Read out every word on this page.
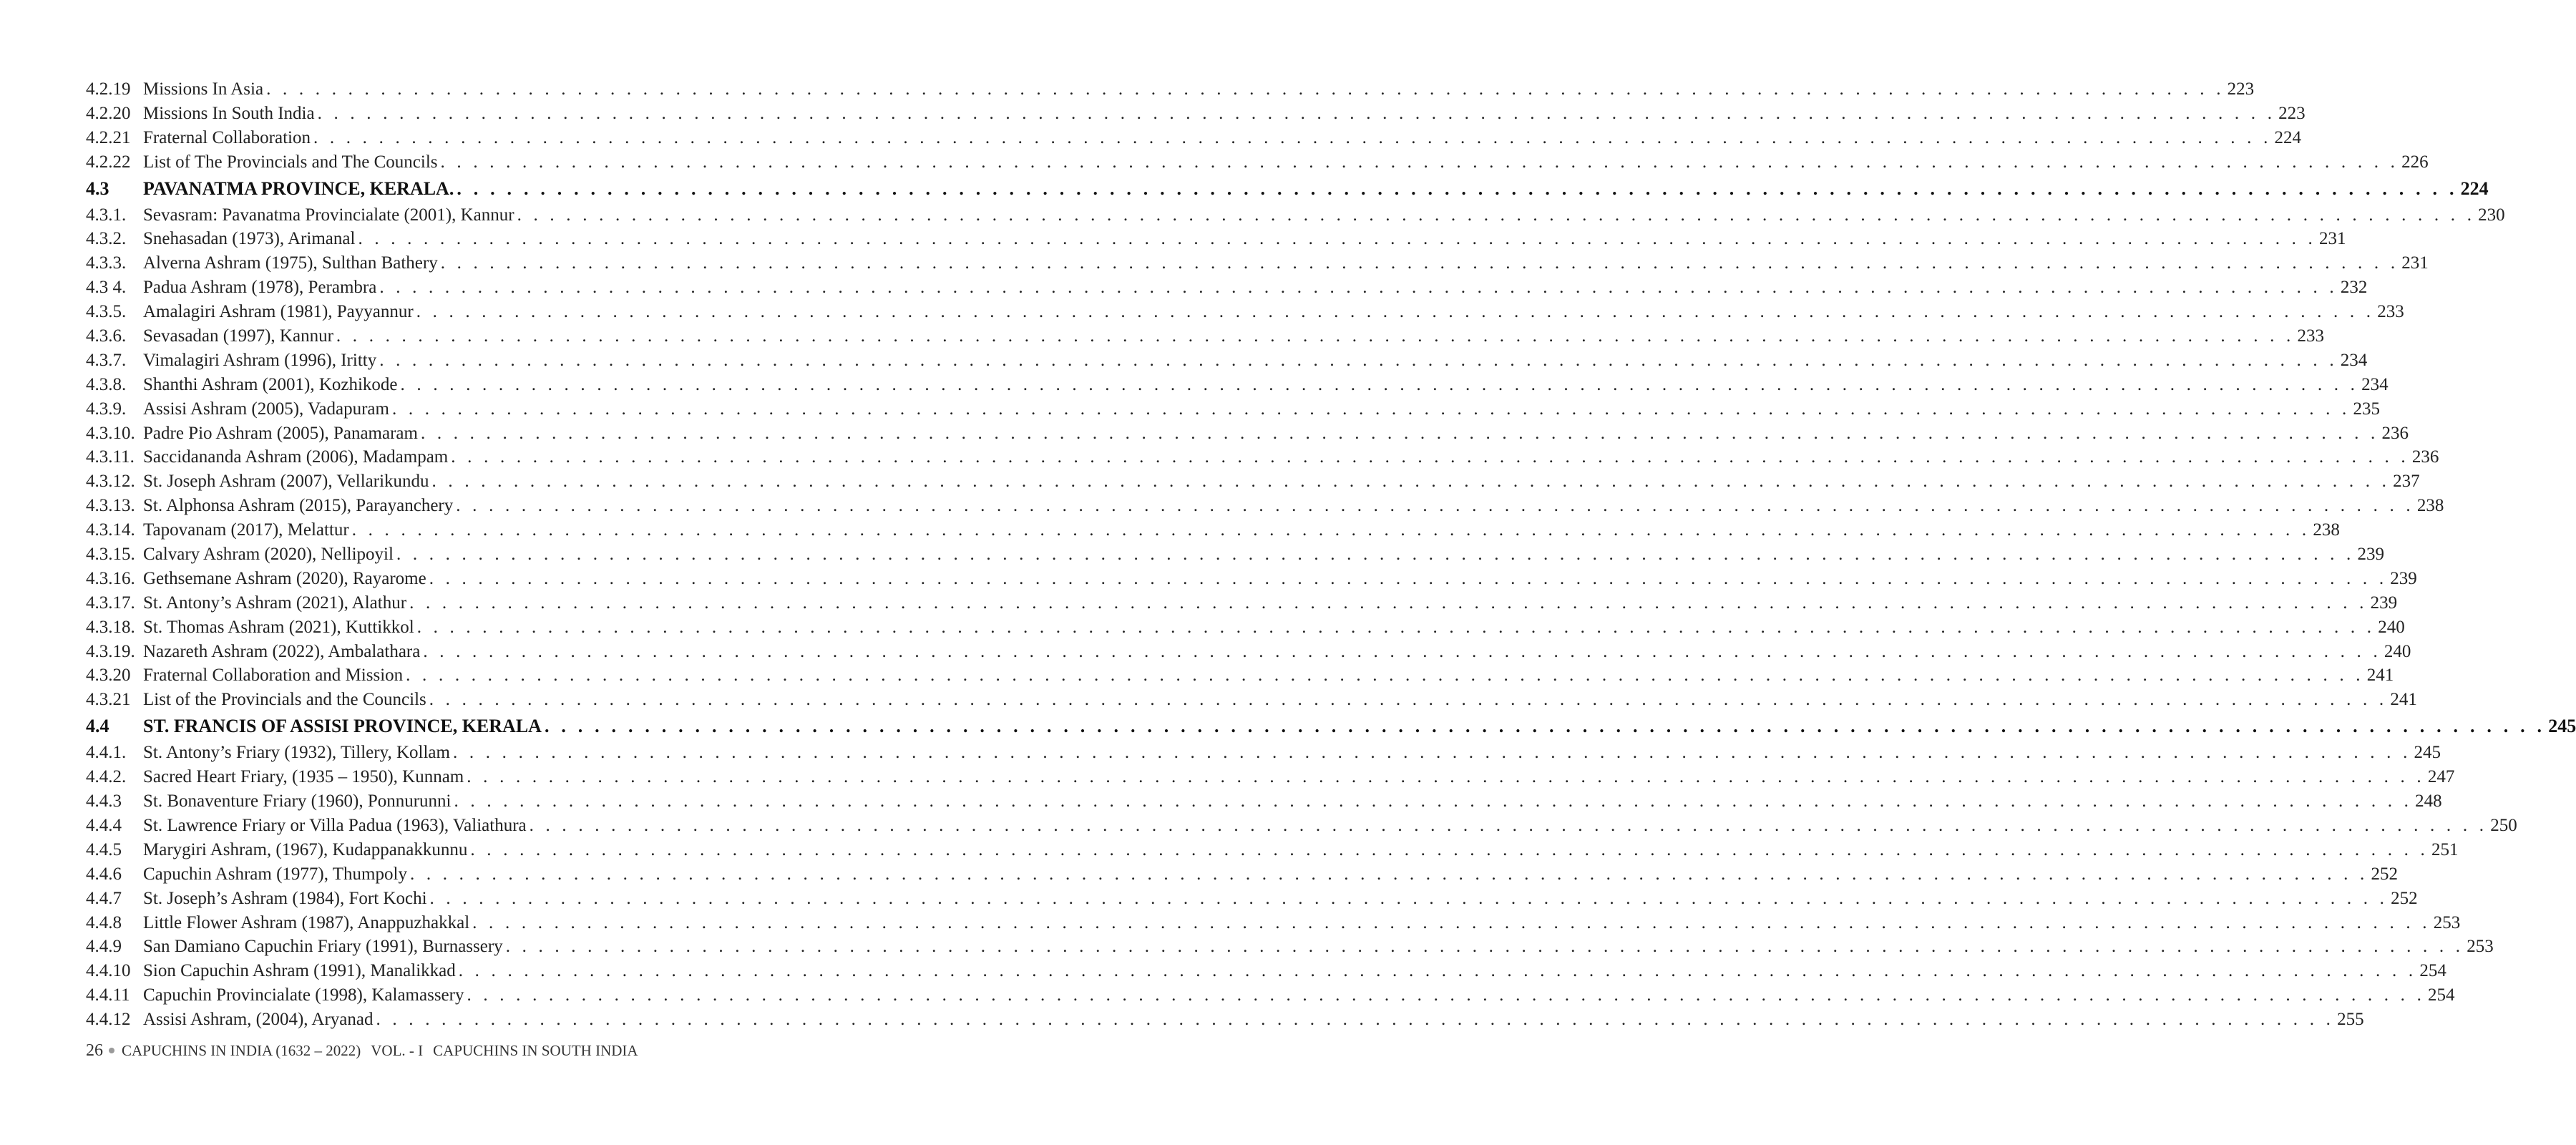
4.2.19 Missions In Asia . . . . . . . . . . . . . . . . . . . . . . . . . . . . . . . . . . . . . . . . . . . . . . . . . . . . . . . . . . . . . . . . . . . . . . . . . . . . . . . . . . . . . . . . . . . . . . . . . . . . . . . . . . . . . . . . . . . . . . . . 223
4.2.20 Missions In South India . . . . . . . . . . . . . . . . . . . . . . . . . . . . . . . . . . . . . . . . . . . . . . . . . . . . . . . . . . . . . . . . . . . . . . . . . . . . . . . . . . . . . . . . . . . . . . . . . . . . . . . . . . . . . . . . . . . . . . . . 223
4.2.21 Fraternal Collaboration . . . . . . . . . . . . . . . . . . . . . . . . . . . . . . . . . . . . . . . . . . . . . . . . . . . . . . . . . . . . . . . . . . . . . . . . . . . . . . . . . . . . . . . . . . . . . . . . . . . . . . . . . . . . . . . . . . . . . . . . 224
4.2.22 List of The Provincials and The Councils . . . . . . . . . . . . . . . . . . . . . . . . . . . . . . . . . . . . . . . . . . . . . . . . . . . . . . . . . . . . . . . . . . . . . . . . . . . . . . . . . . . . . . . . . . . . . . . . . . . . . . . . . . . . . . . . . . . . . . . . 226
4.3	PAVANATMA PROVINCE, KERALA. . . . . . . . . . . . . . . . . . . . . . . . . . . . . . . . . . . . . . . . . . . . . . . . . . . . . . . . . . . . . . . . . . . . . . . . . . . . . . . . . . . . . . . . . . . . . . . . . . . . . . . . . . . . . . . . . . . . . . . . . 224
4.3.1. Sevasram: Pavanatma Provincialate (2001), Kannur . . . . . . . . . . . . . . . . . . . . . . . . . . . . . . . . . . . . . . . . . . . . . . . . . . . . . . . . . . . . . . . . . . . . . . . . . . . . . . . . . . . . . . . . . . . . . . . . . . . . . . . . . . . . . . . . . . . . . . . . 230
4.3.2. Snehasadan (1973), Arimanal . . . . . . . . . . . . . . . . . . . . . . . . . . . . . . . . . . . . . . . . . . . . . . . . . . . . . . . . . . . . . . . . . . . . . . . . . . . . . . . . . . . . . . . . . . . . . . . . . . . . . . . . . . . . . . . . . . . . . . . . 231
4.3.3. Alverna Ashram (1975), Sulthan Bathery . . . . . . . . . . . . . . . . . . . . . . . . . . . . . . . . . . . . . . . . . . . . . . . . . . . . . . . . . . . . . . . . . . . . . . . . . . . . . . . . . . . . . . . . . . . . . . . . . . . . . . . . . . . . . . . . . . . . . . . . 231
4.3 4. Padua Ashram (1978), Perambra . . . . . . . . . . . . . . . . . . . . . . . . . . . . . . . . . . . . . . . . . . . . . . . . . . . . . . . . . . . . . . . . . . . . . . . . . . . . . . . . . . . . . . . . . . . . . . . . . . . . . . . . . . . . . . . . . . . . . . . . 232
4.3.5. Amalagiri Ashram (1981), Payyannur . . . . . . . . . . . . . . . . . . . . . . . . . . . . . . . . . . . . . . . . . . . . . . . . . . . . . . . . . . . . . . . . . . . . . . . . . . . . . . . . . . . . . . . . . . . . . . . . . . . . . . . . . . . . . . . . . . . . . . . . 233
4.3.6. Sevasadan (1997), Kannur . . . . . . . . . . . . . . . . . . . . . . . . . . . . . . . . . . . . . . . . . . . . . . . . . . . . . . . . . . . . . . . . . . . . . . . . . . . . . . . . . . . . . . . . . . . . . . . . . . . . . . . . . . . . . . . . . . . . . . . . 233
4.3.7. Vimalagiri Ashram (1996), Iritty . . . . . . . . . . . . . . . . . . . . . . . . . . . . . . . . . . . . . . . . . . . . . . . . . . . . . . . . . . . . . . . . . . . . . . . . . . . . . . . . . . . . . . . . . . . . . . . . . . . . . . . . . . . . . . . . . . . . . . . . 234
4.3.8. Shanthi Ashram (2001), Kozhikode . . . . . . . . . . . . . . . . . . . . . . . . . . . . . . . . . . . . . . . . . . . . . . . . . . . . . . . . . . . . . . . . . . . . . . . . . . . . . . . . . . . . . . . . . . . . . . . . . . . . . . . . . . . . . . . . . . . . . . . . 234
4.3.9. Assisi Ashram (2005), Vadapuram . . . . . . . . . . . . . . . . . . . . . . . . . . . . . . . . . . . . . . . . . . . . . . . . . . . . . . . . . . . . . . . . . . . . . . . . . . . . . . . . . . . . . . . . . . . . . . . . . . . . . . . . . . . . . . . . . . . . . . . . 235
4.3.10. Padre Pio Ashram (2005), Panamaram . . . . . . . . . . . . . . . . . . . . . . . . . . . . . . . . . . . . . . . . . . . . . . . . . . . . . . . . . . . . . . . . . . . . . . . . . . . . . . . . . . . . . . . . . . . . . . . . . . . . . . . . . . . . . . . . . . . . . . . . 236
4.3.11. Saccidananda Ashram (2006), Madampam . . . . . . . . . . . . . . . . . . . . . . . . . . . . . . . . . . . . . . . . . . . . . . . . . . . . . . . . . . . . . . . . . . . . . . . . . . . . . . . . . . . . . . . . . . . . . . . . . . . . . . . . . . . . . . . . . . . . . . . . 236
4.3.12. St. Joseph Ashram (2007), Vellarikundu . . . . . . . . . . . . . . . . . . . . . . . . . . . . . . . . . . . . . . . . . . . . . . . . . . . . . . . . . . . . . . . . . . . . . . . . . . . . . . . . . . . . . . . . . . . . . . . . . . . . . . . . . . . . . . . . . . . . . . . . 237
4.3.13. St. Alphonsa Ashram (2015), Parayanchery . . . . . . . . . . . . . . . . . . . . . . . . . . . . . . . . . . . . . . . . . . . . . . . . . . . . . . . . . . . . . . . . . . . . . . . . . . . . . . . . . . . . . . . . . . . . . . . . . . . . . . . . . . . . . . . . . . . . . . . . 238
4.3.14. Tapovanam (2017), Melattur . . . . . . . . . . . . . . . . . . . . . . . . . . . . . . . . . . . . . . . . . . . . . . . . . . . . . . . . . . . . . . . . . . . . . . . . . . . . . . . . . . . . . . . . . . . . . . . . . . . . . . . . . . . . . . . . . . . . . . . . 238
4.3.15. Calvary Ashram (2020), Nellipoyil . . . . . . . . . . . . . . . . . . . . . . . . . . . . . . . . . . . . . . . . . . . . . . . . . . . . . . . . . . . . . . . . . . . . . . . . . . . . . . . . . . . . . . . . . . . . . . . . . . . . . . . . . . . . . . . . . . . . . . . . 239
4.3.16. Gethsemane Ashram (2020), Rayarome . . . . . . . . . . . . . . . . . . . . . . . . . . . . . . . . . . . . . . . . . . . . . . . . . . . . . . . . . . . . . . . . . . . . . . . . . . . . . . . . . . . . . . . . . . . . . . . . . . . . . . . . . . . . . . . . . . . . . . . . 239
4.3.17. St. Antony’s Ashram (2021), Alathur . . . . . . . . . . . . . . . . . . . . . . . . . . . . . . . . . . . . . . . . . . . . . . . . . . . . . . . . . . . . . . . . . . . . . . . . . . . . . . . . . . . . . . . . . . . . . . . . . . . . . . . . . . . . . . . . . . . . . . . . 239
4.3.18. St. Thomas Ashram (2021), Kuttikkol . . . . . . . . . . . . . . . . . . . . . . . . . . . . . . . . . . . . . . . . . . . . . . . . . . . . . . . . . . . . . . . . . . . . . . . . . . . . . . . . . . . . . . . . . . . . . . . . . . . . . . . . . . . . . . . . . . . . . . . . 240
4.3.19. Nazareth Ashram (2022), Ambalathara . . . . . . . . . . . . . . . . . . . . . . . . . . . . . . . . . . . . . . . . . . . . . . . . . . . . . . . . . . . . . . . . . . . . . . . . . . . . . . . . . . . . . . . . . . . . . . . . . . . . . . . . . . . . . . . . . . . . . . . . 240
4.3.20 Fraternal Collaboration and Mission . . . . . . . . . . . . . . . . . . . . . . . . . . . . . . . . . . . . . . . . . . . . . . . . . . . . . . . . . . . . . . . . . . . . . . . . . . . . . . . . . . . . . . . . . . . . . . . . . . . . . . . . . . . . . . . . . . . . . . . . 241
4.3.21 List of the Provincials and the Councils . . . . . . . . . . . . . . . . . . . . . . . . . . . . . . . . . . . . . . . . . . . . . . . . . . . . . . . . . . . . . . . . . . . . . . . . . . . . . . . . . . . . . . . . . . . . . . . . . . . . . . . . . . . . . . . . . . . . . . . . 241
4.4	ST. FRANCIS OF ASSISI PROVINCE, KERALA . . . . . . . . . . . . . . . . . . . . . . . . . . . . . . . . . . . . . . . . . . . . . . . . . . . . . . . . . . . . . . . . . . . . . . . . . . . . . . . . . . . . . . . . . . . . . . . . . . . . . . . . . . . . . . . . . . . . . . . . 245
4.4.1. St. Antony’s Friary (1932), Tillery, Kollam . . . . . . . . . . . . . . . . . . . . . . . . . . . . . . . . . . . . . . . . . . . . . . . . . . . . . . . . . . . . . . . . . . . . . . . . . . . . . . . . . . . . . . . . . . . . . . . . . . . . . . . . . . . . . . . . . . . . . . . . 245
4.4.2. Sacred Heart Friary, (1935 – 1950), Kunnam . . . . . . . . . . . . . . . . . . . . . . . . . . . . . . . . . . . . . . . . . . . . . . . . . . . . . . . . . . . . . . . . . . . . . . . . . . . . . . . . . . . . . . . . . . . . . . . . . . . . . . . . . . . . . . . . . . . . . . . . 247
4.4.3	St. Bonaventure Friary (1960), Ponnurunni . . . . . . . . . . . . . . . . . . . . . . . . . . . . . . . . . . . . . . . . . . . . . . . . . . . . . . . . . . . . . . . . . . . . . . . . . . . . . . . . . . . . . . . . . . . . . . . . . . . . . . . . . . . . . . . . . . . . . . . . 248
4.4.4	St. Lawrence Friary or Villa Padua (1963), Valiathura . . . . . . . . . . . . . . . . . . . . . . . . . . . . . . . . . . . . . . . . . . . . . . . . . . . . . . . . . . . . . . . . . . . . . . . . . . . . . . . . . . . . . . . . . . . . . . . . . . . . . . . . . . . . . . . . . . . . . . . . 250
4.4.5	Marygiri Ashram, (1967), Kudappanakkunnu . . . . . . . . . . . . . . . . . . . . . . . . . . . . . . . . . . . . . . . . . . . . . . . . . . . . . . . . . . . . . . . . . . . . . . . . . . . . . . . . . . . . . . . . . . . . . . . . . . . . . . . . . . . . . . . . . . . . . . . . 251
4.4.6	Capuchin Ashram (1977), Thumpoly . . . . . . . . . . . . . . . . . . . . . . . . . . . . . . . . . . . . . . . . . . . . . . . . . . . . . . . . . . . . . . . . . . . . . . . . . . . . . . . . . . . . . . . . . . . . . . . . . . . . . . . . . . . . . . . . . . . . . . . . 252
4.4.7	St. Joseph’s Ashram (1984), Fort Kochi . . . . . . . . . . . . . . . . . . . . . . . . . . . . . . . . . . . . . . . . . . . . . . . . . . . . . . . . . . . . . . . . . . . . . . . . . . . . . . . . . . . . . . . . . . . . . . . . . . . . . . . . . . . . . . . . . . . . . . . . 252
4.4.8	Little Flower Ashram (1987), Anappuzhakkal . . . . . . . . . . . . . . . . . . . . . . . . . . . . . . . . . . . . . . . . . . . . . . . . . . . . . . . . . . . . . . . . . . . . . . . . . . . . . . . . . . . . . . . . . . . . . . . . . . . . . . . . . . . . . . . . . . . . . . . . 253
4.4.9	San Damiano Capuchin Friary (1991), Burnassery . . . . . . . . . . . . . . . . . . . . . . . . . . . . . . . . . . . . . . . . . . . . . . . . . . . . . . . . . . . . . . . . . . . . . . . . . . . . . . . . . . . . . . . . . . . . . . . . . . . . . . . . . . . . . . . . . . . . . . . . 253
4.4.10 Sion Capuchin Ashram (1991), Manalikkad . . . . . . . . . . . . . . . . . . . . . . . . . . . . . . . . . . . . . . . . . . . . . . . . . . . . . . . . . . . . . . . . . . . . . . . . . . . . . . . . . . . . . . . . . . . . . . . . . . . . . . . . . . . . . . . . . . . . . . . . 254
4.4.11 Capuchin Provincialate (1998), Kalamassery . . . . . . . . . . . . . . . . . . . . . . . . . . . . . . . . . . . . . . . . . . . . . . . . . . . . . . . . . . . . . . . . . . . . . . . . . . . . . . . . . . . . . . . . . . . . . . . . . . . . . . . . . . . . . . . . . . . . . . . . 254
4.4.12 Assisi Ashram, (2004), Aryanad . . . . . . . . . . . . . . . . . . . . . . . . . . . . . . . . . . . . . . . . . . . . . . . . . . . . . . . . . . . . . . . . . . . . . . . . . . . . . . . . . . . . . . . . . . . . . . . . . . . . . . . . . . . . . . . . . . . . . . . . 255
26 CAPUCHINS IN INDIA (1632 – 2022) VOL. - I CAPUCHINS IN SOUTH INDIA
